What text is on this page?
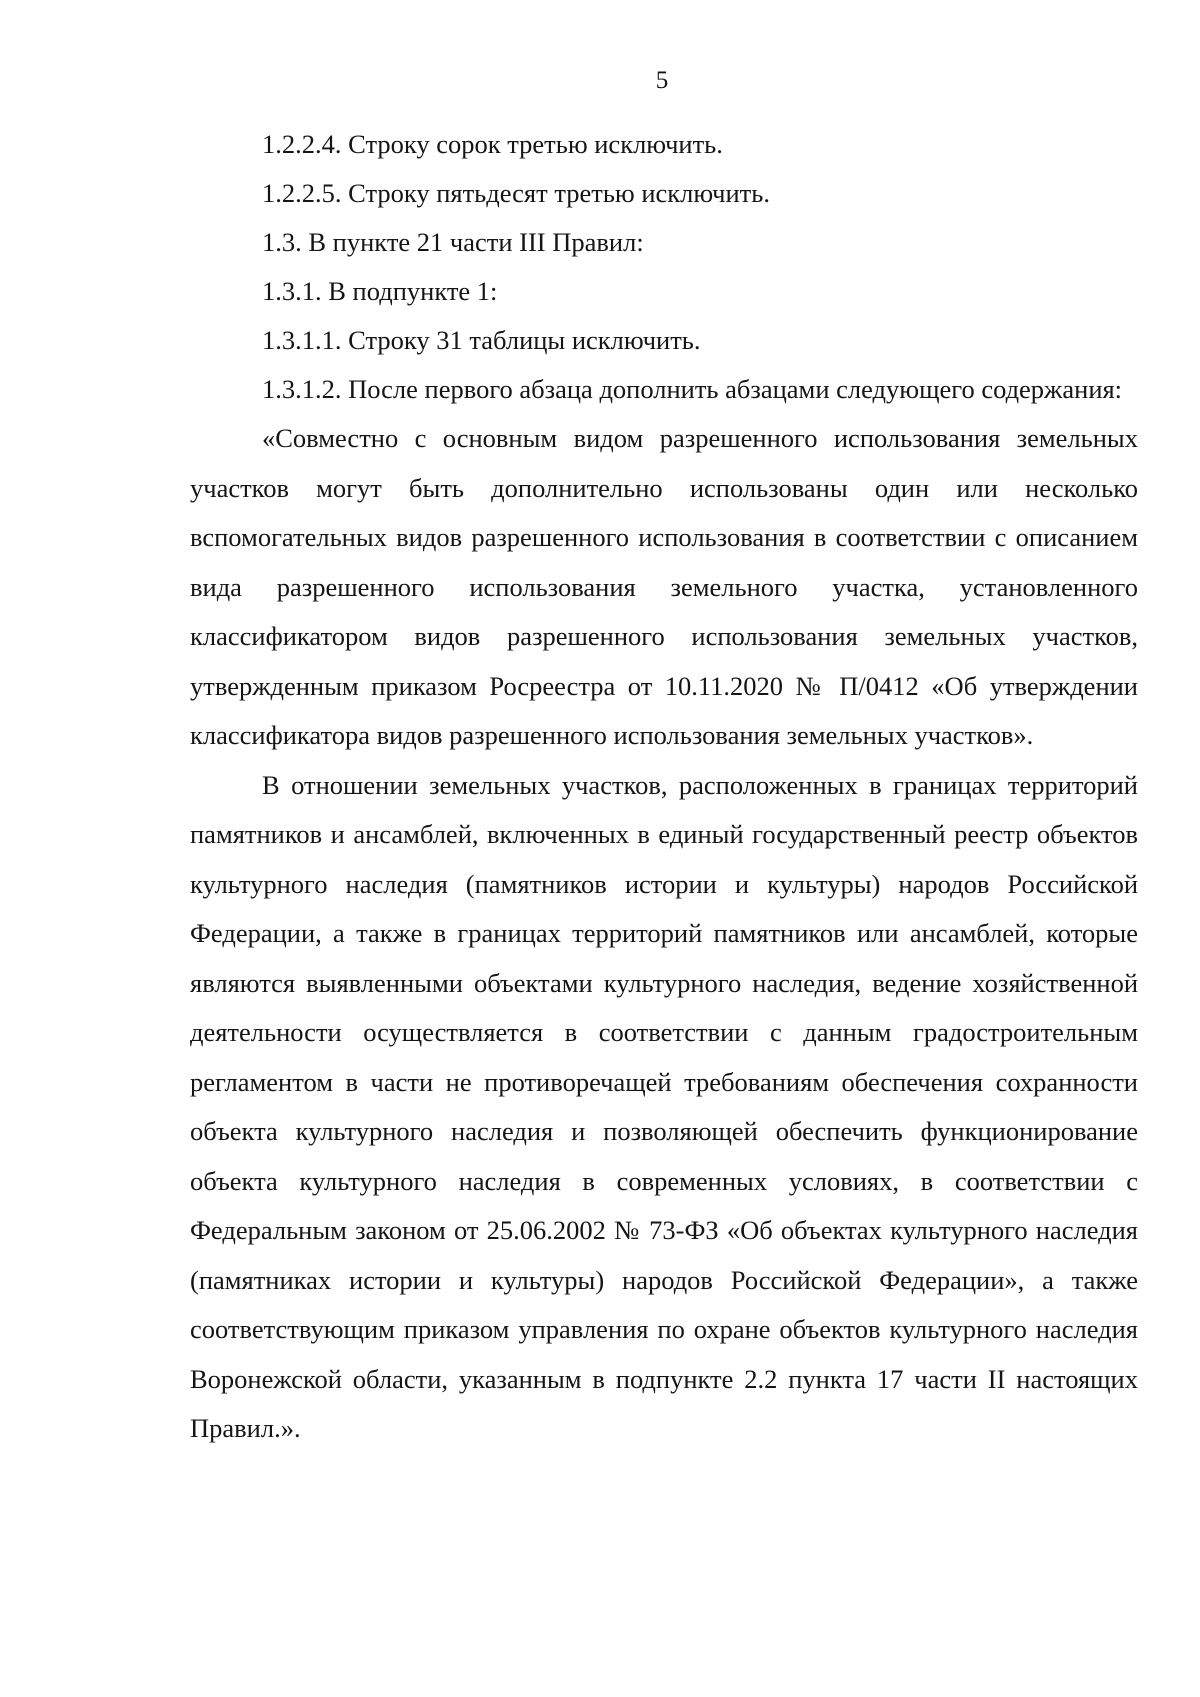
5

1.2.2.4. Строку сорок третью исключить.

1.2.2.5. Строку пятьдесят третью исключить.

1.3. В пункте 21 части III Правил:

1.3.1. В подпункте 1:

1.3.1.1. Строку 31 таблицы исключить.

1.3.1.2. После первого абзаца дополнить абзацами следующего содержания:

«Совместно с основным видом разрешенного использования земельных участков могут быть дополнительно использованы один или несколько вспомогательных видов разрешенного использования в соответствии с описанием вида разрешенного использования земельного участка, установленного классификатором видов разрешенного использования земельных участков, утвержденным приказом Росреестра от 10.11.2020 № П/0412 «Об утверждении классификатора видов разрешенного использования земельных участков».

В отношении земельных участков, расположенных в границах территорий памятников и ансамблей, включенных в единый государственный реестр объектов культурного наследия (памятников истории и культуры) народов Российской Федерации, а также в границах территорий памятников или ансамблей, которые являются выявленными объектами культурного наследия, ведение хозяйственной деятельности осуществляется в соответствии с данным градостроительным регламентом в части не противоречащей требованиям обеспечения сохранности объекта культурного наследия и позволяющей обеспечить функционирование объекта культурного наследия в современных условиях, в соответствии с Федеральным законом от 25.06.2002 № 73-ФЗ «Об объектах культурного наследия (памятниках истории и культуры) народов Российской Федерации», а также соответствующим приказом управления по охране объектов культурного наследия Воронежской области, указанным в подпункте 2.2 пункта 17 части II настоящих Правил.».
